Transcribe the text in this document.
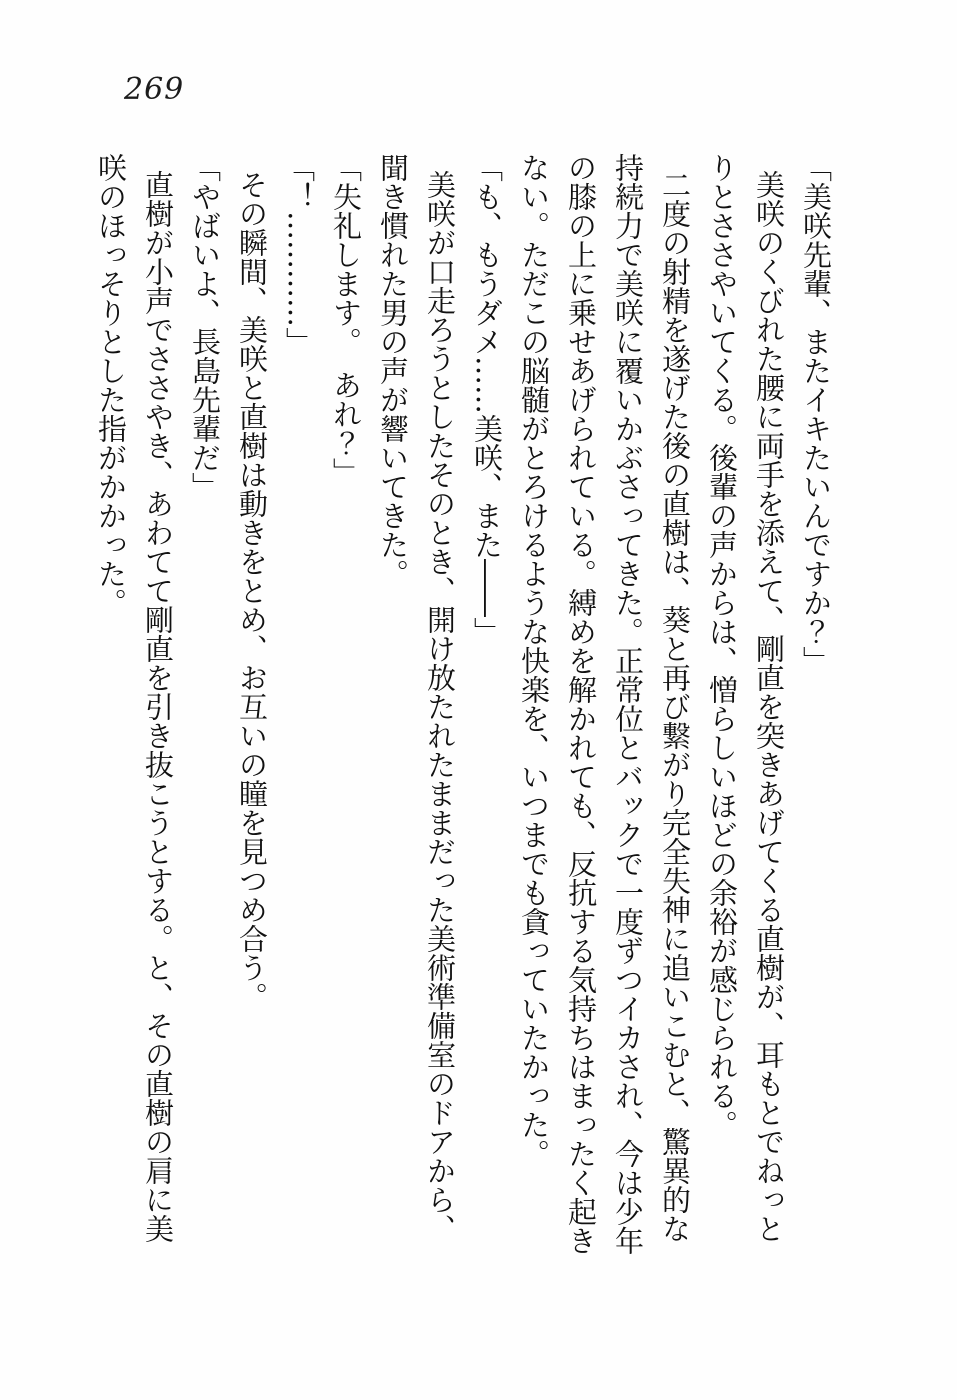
269
「美咲先輩、またイキたいんですか？」
美咲のくびれた腰に両手を添えて、剛直を突きあげてくる直樹が、耳もとでねっと
りとささやいてくる。後輩の声からは、憎らしいほどの余裕が感じられる。
二度の射精を遂げた後の直樹は、葵と再び繋がり完全失神に追いこむと、驚異的な
持続力で美咲に覆いかぶさってきた。正常位とバックで一度ずつイカされ、今は少年
の膝の上に乗せあげられている。縛めを解かれても、反抗する気持ちはまったく起き
ない。ただこの脳髄がとろけるような快楽を、いつまでも貪っていたかった。
「も、もうダメ……美咲、また――」
美咲が口走ろうとしたそのとき、開け放たれたままだった美術準備室のドアから、
聞き慣れた男の声が響いてきた。
「失礼します。　あれ？」
「！…………」
その瞬間、美咲と直樹は動きをとめ、お互いの瞳を見つめ合う。
「やばいよ、長島先輩だ」
直樹が小声でささやき、あわてて剛直を引き抜こうとする。と、その直樹の肩に美
咲のほっそりとした指がかかった。
